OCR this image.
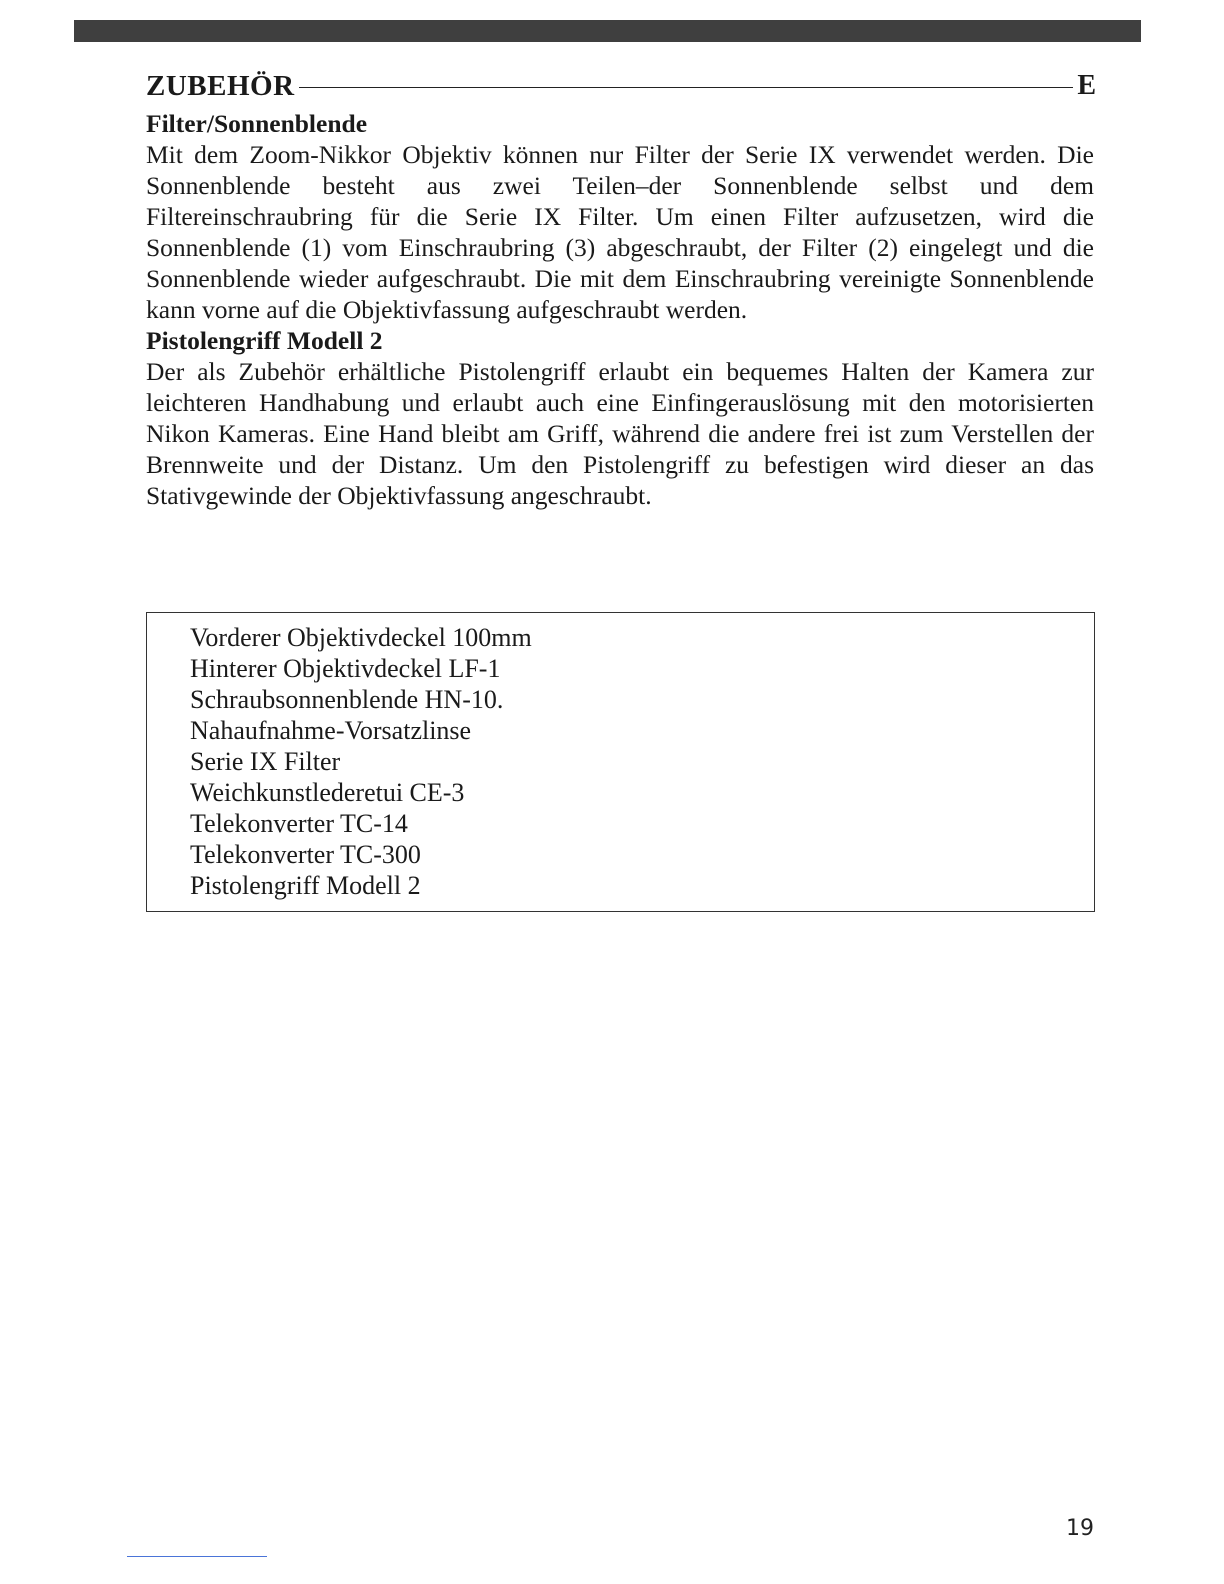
ZUBEHÖR	E

Filter/Sonnenblende

Mit dem Zoom-Nikkor Objektiv können nur Filter der Serie IX verwendet werden. Die Sonnenblende besteht aus zwei Teilen–der Sonnenblende selbst und dem Filtereinschraubring für die Serie IX Filter. Um einen Filter aufzusetzen, wird die Sonnenblende (1) vom Einschraubring (3) abgeschraubt, der Filter (2) eingelegt und die Sonnenblende wieder aufgeschraubt. Die mit dem Einschraubring vereinigte Sonnenblende kann vorne auf die Objektivfassung aufgeschraubt werden.

Pistolengriff Modell 2

Der als Zubehör erhältliche Pistolengriff erlaubt ein bequemes Halten der Kamera zur leichteren Handhabung und erlaubt auch eine Einfingerauslösung mit den motorisierten Nikon Kameras. Eine Hand bleibt am Griff, während die andere frei ist zum Verstellen der Brennweite und der Distanz. Um den Pistolengriff zu befestigen wird dieser an das Stativgewinde der Objektivfassung angeschraubt.

Vorderer Objektivdeckel 100mm
Hinterer Objektivdeckel LF-1
Schraubsonnenblende HN-10.
Nahaufnahme-Vorsatzlinse
Serie IX Filter
Weichkunstlederetui CE-3
Telekonverter TC-14
Telekonverter TC-300
Pistolengriff Modell 2
19
